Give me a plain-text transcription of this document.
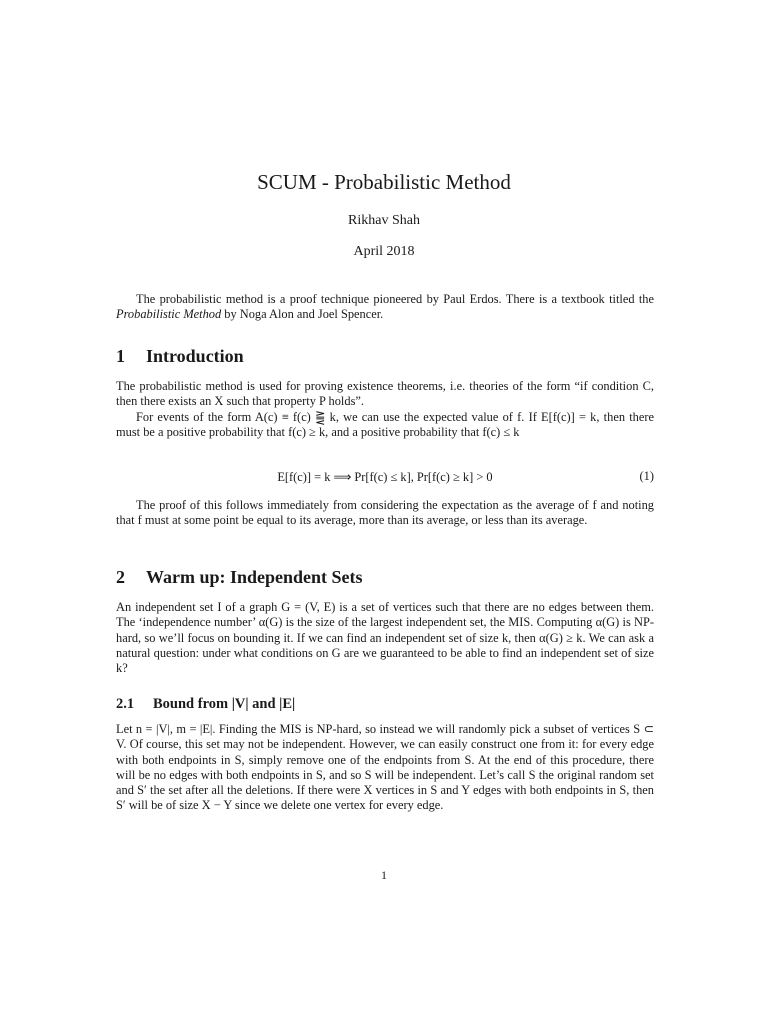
SCUM - Probabilistic Method
Rikhav Shah
April 2018
The probabilistic method is a proof technique pioneered by Paul Erdos. There is a textbook titled the Probabilistic Method by Noga Alon and Joel Spencer.
1 Introduction
The probabilistic method is used for proving existence theorems, i.e. theories of the form “if condition C, then there exists an X such that property P holds”.
For events of the form A(c) ≡ f(c) ⪌ k, we can use the expected value of f. If E[f(c)] = k, then there must be a positive probability that f(c) ≥ k, and a positive probability that f(c) ≤ k
E[f(c)] = k ⟹ Pr[f(c) ≤ k], Pr[f(c) ≥ k] > 0	(1)
The proof of this follows immediately from considering the expectation as the average of f and noting that f must at some point be equal to its average, more than its average, or less than its average.
2 Warm up: Independent Sets
An independent set I of a graph G = (V, E) is a set of vertices such that there are no edges between them. The ‘independence number’ α(G) is the size of the largest independent set, the MIS. Computing α(G) is NP-hard, so we’ll focus on bounding it. If we can find an independent set of size k, then α(G) ≥ k. We can ask a natural question: under what conditions on G are we guaranteed to be able to find an independent set of size k?
2.1 Bound from |V| and |E|
Let n = |V|, m = |E|. Finding the MIS is NP-hard, so instead we will randomly pick a subset of vertices S ⊂ V. Of course, this set may not be independent. However, we can easily construct one from it: for every edge with both endpoints in S, simply remove one of the endpoints from S. At the end of this procedure, there will be no edges with both endpoints in S, and so S will be independent. Let’s call S the original random set and S′ the set after all the deletions. If there were X vertices in S and Y edges with both endpoints in S, then S′ will be of size X − Y since we delete one vertex for every edge.
1
